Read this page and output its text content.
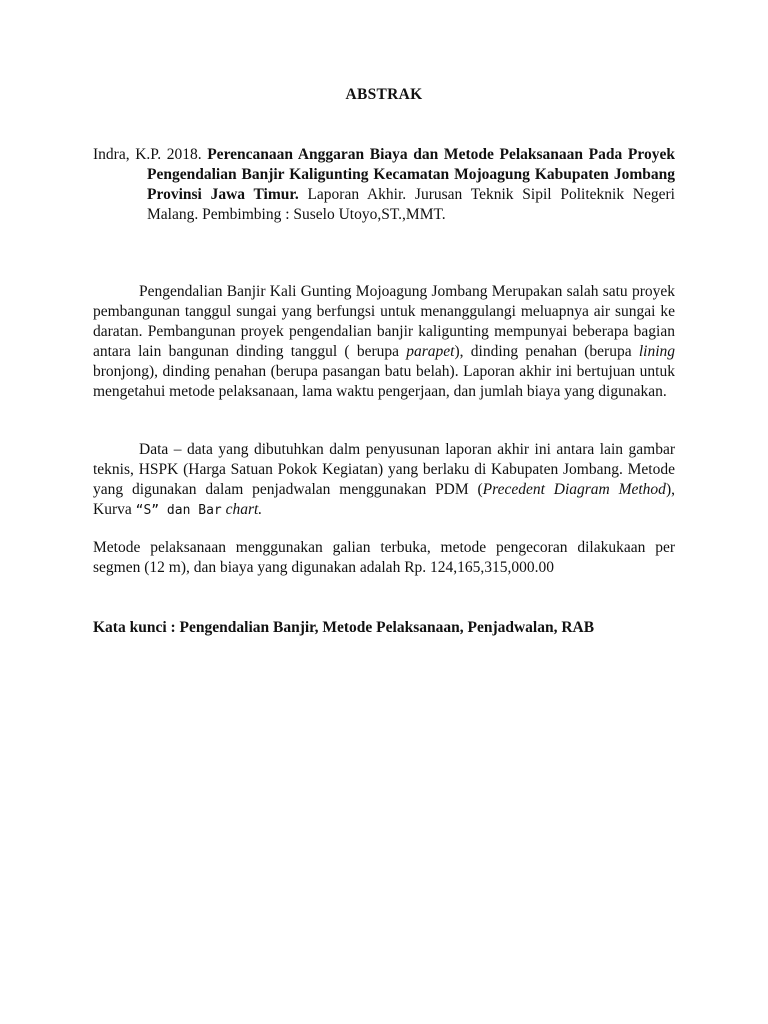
ABSTRAK
Indra, K.P. 2018. Perencanaan Anggaran Biaya dan Metode Pelaksanaan Pada Proyek Pengendalian Banjir Kaligunting Kecamatan Mojoagung Kabupaten Jombang Provinsi Jawa Timur. Laporan Akhir. Jurusan Teknik Sipil Politeknik Negeri Malang. Pembimbing : Suselo Utoyo,ST.,MMT.

Pengendalian Banjir Kali Gunting Mojoagung Jombang Merupakan salah satu proyek pembangunan tanggul sungai yang berfungsi untuk menanggulangi meluapnya air sungai ke daratan. Pembangunan proyek pengendalian banjir kaligunting mempunyai beberapa bagian antara lain bangunan dinding tanggul ( berupa parapet), dinding penahan (berupa lining bronjong), dinding penahan (berupa pasangan batu belah). Laporan akhir ini bertujuan untuk mengetahui metode pelaksanaan, lama waktu pengerjaan, dan jumlah biaya yang digunakan.

Data – data yang dibutuhkan dalm penyusunan laporan akhir ini antara lain gambar teknis, HSPK (Harga Satuan Pokok Kegiatan) yang berlaku di Kabupaten Jombang. Metode yang digunakan dalam penjadwalan menggunakan PDM (Precedent Diagram Method), Kurva “S” dan Bar chart.

Metode pelaksanaan menggunakan galian terbuka, metode pengecoran dilakukaan per segmen (12 m), dan biaya yang digunakan adalah Rp. 124,165,315,000.00

Kata kunci : Pengendalian Banjir, Metode Pelaksanaan, Penjadwalan, RAB
